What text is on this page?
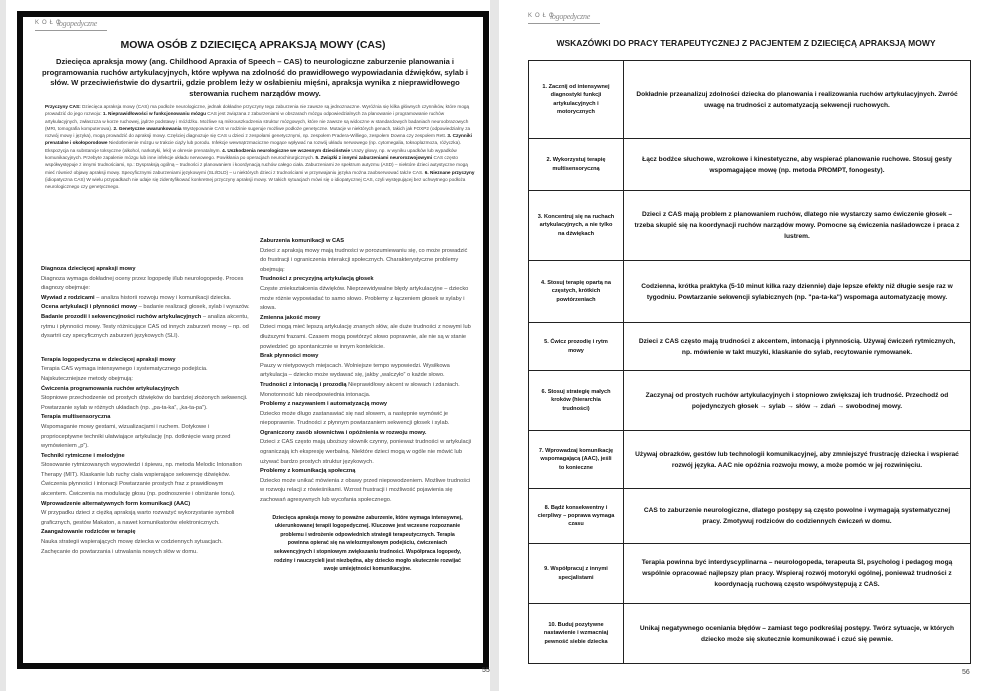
KOŁO
logopedyczne
MOWA OSÓB Z DZIECIĘCĄ APRAKSJĄ MOWY (CAS)
Dziecięca apraksja mowy (ang. Childhood Apraxia of Speech – CAS) to neurologiczne zaburzenie planowania i programowania ruchów artykulacyjnych, które wpływa na zdolność do prawidłowego wypowiadania dźwięków, sylab i słów. W przeciwieństwie do dysartrii, gdzie problem leży w osłabieniu mięśni, apraksja wynika z nieprawidłowego sterowania ruchem narządów mowy.
Przyczyny CAS: Dziecięca apraksja mowy (CAS) ma podłoże neurologiczne, jednak dokładne przyczyny tego zaburzenia nie zawsze są jednoznaczne. Wyróżnia się kilka głównych czynników, które mogą prowadzić do jego rozwoju: 1. Nieprawidłowości w funkcjonowaniu mózgu CAS jest związana z zaburzeniami w obszarach mózgu odpowiedzialnych za planowanie i programowanie ruchów artykulacyjnych, zwłaszcza w korze ruchowej, jądrze podstawy i móżdżku. Możliwe są mikrouszkodzenia struktur mózgowych, które nie zawsze są widoczne w standardowych badaniach neuroobrazowych (MRI, tomografia komputerowa). 2. Genetyczne uwarunkowania Występowanie CAS w rodzinie sugeruje możliwe podłoże genetyczne. Mutacje w niektórych genach, takich jak FOXP2 (odpowiedzialny za rozwój mowy i języka), mogą prowadzić do apraksji mowy. Częściej diagnozuje się CAS u dzieci z zespołami genetycznymi, np. zespołem Pradera-Williego, zespołem Downa czy zespołem Rett. 3. Czynniki prenatalne i okołoporodowe Niedotlenienie mózgu w trakcie ciąży lub porodu. Infekcje wewnątrzmaciczne mogące wpływać na rozwój układu nerwowego (np. cytomegalia, toksoplazmoza, różyczka). Ekspozycja na substancje toksyczne (alkohol, narkotyki, leki) w okresie prenatalnym. 4. Uszkodzenia neurologiczne we wczesnym dzieciństwie Urazy głowy, np. w wyniku upadków lub wypadków komunikacyjnych. Przebyte zapalenie mózgu lub inne infekcje układu nerwowego. Powikłania po operacjach neurochirurgicznych. 5. Związki z innymi zaburzeniami neurorozwojowymi CAS często współwystępuje z innymi trudnościami, np.: Dyspraksją ogólną – trudności z planowaniem i koordynacją ruchów całego ciała. Zaburzeniami ze spektrum autyzmu (ASD) – niektóre dzieci autystyczne mogą mieć również objawy apraksji mowy. Specyficznymi zaburzeniami językowymi (SLI/DLD) – u niektórych dzieci z trudnościami w przyswajaniu języka można zaobserwować także CAS. 6. Nieznane przyczyny (idiopatyczna CAS) W wielu przypadkach nie udaje się zidentyfikować konkretnej przyczyny apraksji mowy. W takich sytuacjach mówi się o idiopatycznej CAS, czyli występującej bez uchwytnego podłoża neurologicznego czy genetycznego.
Diagnoza dziecięcej apraksji mowy
Diagnoza wymaga dokładnej oceny przez logopedę i/lub neurologopedę. Proces diagnozy obejmuje:
Wywiad z rodzicami – analiza historii rozwoju mowy i komunikacji dziecka.
Ocena artykulacji i płynności mowy – badanie realizacji głosek, sylab i wyrazów.
Badanie prozodii i sekwencyjności ruchów artykulacyjnych – analiza akcentu, rytmu i płynności mowy. Testy różnicujące CAS od innych zaburzeń mowy – np. od dysartrii czy specyficznych zaburzeń językowych (SLI).
Terapia logopedyczna w dziecięcej apraksji mowy
Terapia CAS wymaga intensywnego i systematycznego podejścia.
Najskuteczniejsze metody obejmują:
Ćwiczenia programowania ruchów artykulacyjnych
Stopniowe przechodzenie od prostych dźwięków do bardziej złożonych sekwencji. Powtarzanie sylab w różnych układach (np. „pa-ta-ka”, „ka-ta-pa”).
Terapia multisensoryczna
Wspomaganie mowy gestami, wizualizacjami i ruchem. Dotykowe i proprioceptywne techniki ułatwiające artykulację (np. dotknięcie warg przed wymówieniem „p”).
Techniki rytmiczne i melodyjne
Stosowanie rytmizowanych wypowiedzi i śpiewu, np. metoda Melodic Intonation Therapy (MIT). Klaskanie lub ruchy ciała wspierające sekwencję dźwięków. Ćwiczenia płynności i intonacji Powtarzanie prostych fraz z prawidłowym akcentem. Ćwiczenia na modulację głosu (np. podnoszenie i obniżanie tonu).
Wprowadzenie alternatywnych form komunikacji (AAC)
W przypadku dzieci z ciężką apraksją warto rozważyć wykorzystanie symboli graficznych, gestów Makaton, a nawet komunikatorów elektronicznych.
Zaangażowanie rodziców w terapię
Nauka strategii wspierających mowę dziecka w codziennych sytuacjach. Zachęcanie do powtarzania i utrwalania nowych słów w domu.
Zaburzenia komunikacji w CAS
Dzieci z apraksją mowy mają trudności w porozumiewaniu się, co może prowadzić do frustracji i ograniczenia interakcji społecznych. Charakterystyczne problemy obejmują:
Trudności z precyzyjną artykulacją głosek
Częste zniekształcenia dźwięków. Nieprzewidywalne błędy artykulacyjne – dziecko może różnie wypowiadać to samo słowo. Problemy z łączeniem głosek w sylaby i słowa.
Zmienna jakość mowy
Dzieci mogą mieć lepszą artykulację znanych słów, ale duże trudności z nowymi lub dłuższymi frazami. Czasem mogą powtórzyć słowo poprawnie, ale nie są w stanie powiedzieć go spontanicznie w innym kontekście.
Brak płynności mowy
Pauzy w nietypowych miejscach. Wolniejsze tempo wypowiedzi. Wysiłkowa artykulacja – dziecko może wydawać się, jakby „walczyło” o każde słowo.
Trudności z intonacją i prozodią Nieprawidłowy akcent w słowach i zdaniach. Monotonność lub nieodpowiednia intonacja.
Problemy z nazywaniem i automatyzacją mowy
Dziecko może długo zastanawiać się nad słowem, a następnie wymówić je niepoprawnie. Trudności z płynnym powtarzaniem sekwencji głosek i sylab.
Ograniczony zasób słownictwa i opóźnienia w rozwoju mowy.
Dzieci z CAS często mają uboższy słownik czynny, ponieważ trudności w artykulacji ograniczają ich ekspresję werbalną. Niektóre dzieci mogą w ogóle nie mówić lub używać bardzo prostych struktur językowych.
Problemy z komunikacją społeczną
Dziecko może unikać mówienia z obawy przed niepowodzeniem. Możliwe trudności w rozwoju relacji z rówieśnikami. Wzrost frustracji i możliwość pojawienia się zachowań agresywnych lub wycofania społecznego.
Dziecięca apraksja mowy to poważne zaburzenie, które wymaga intensywnej, ukierunkowanej terapii logopedycznej. Kluczowe jest wczesne rozpoznanie problemu i wdrożenie odpowiednich strategii terapeutycznych. Terapia powinna opierać się na wielozmysłowym podejściu, ćwiczeniach sekwencyjnych i stopniowym zwiększaniu trudności. Współpraca logopedy, rodziny i nauczycieli jest niezbędna, aby dziecko mogło skutecznie rozwijać swoje umiejętności komunikacyjne.
55
KOŁO
logopedyczne
WSKAZÓWKI DO PRACY TERAPEUTYCZNEJ Z PACJENTEM Z DZIECIĘCĄ APRAKSJĄ MOWY
1. Zacznij od intensywnej diagnostyki funkcji artykulacyjnych i motorycznych	Dokładnie przeanalizuj zdolności dziecka do planowania i realizowania ruchów artykulacyjnych. Zwróć uwagę na trudności z automatyzacją sekwencji ruchowych.
2. Wykorzystuj terapię multisensoryczną	Łącz bodźce słuchowe, wzrokowe i kinestetyczne, aby wspierać planowanie ruchowe. Stosuj gesty wspomagające mowę (np. metoda PROMPT, fonogesty).
3. Koncentruj się na ruchach artykulacyjnych, a nie tylko na dźwiękach	Dzieci z CAS mają problem z planowaniem ruchów, dlatego nie wystarczy samo ćwiczenie głosek – trzeba skupić się na koordynacji ruchów narządów mowy. Pomocne są ćwiczenia naśladowcze i praca z lustrem.
4. Stosuj terapię opartą na częstych, krótkich powtórzeniach	Codzienna, krótka praktyka (5-10 minut kilka razy dziennie) daje lepsze efekty niż długie sesje raz w tygodniu. Powtarzanie sekwencji sylabicznych (np. "pa-ta-ka") wspomaga automatyzację mowy.
5. Ćwicz prozodię i rytm mowy	Dzieci z CAS często mają trudności z akcentem, intonacją i płynnością. Używaj ćwiczeń rytmicznych, np. mówienie w takt muzyki, klaskanie do sylab, recytowanie rymowanek.
6. Stosuj strategię małych kroków (hierarchia trudności)	Zaczynaj od prostych ruchów artykulacyjnych i stopniowo zwiększaj ich trudność. Przechodź od pojedynczych głosek → sylab → słów → zdań → swobodnej mowy.
7. Wprowadzaj komunikację wspomagającą (AAC), jeśli to konieczne	Używaj obrazków, gestów lub technologii komunikacyjnej, aby zmniejszyć frustrację dziecka i wspierać rozwój języka. AAC nie opóźnia rozwoju mowy, a może pomóc w jej rozwinięciu.
8. Bądź konsekwentny i cierpliwy – poprawa wymaga czasu	CAS to zaburzenie neurologiczne, dlatego postępy są często powolne i wymagają systematycznej pracy. Zmotywuj rodziców do codziennych ćwiczeń w domu.
9. Współpracuj z innymi specjalistami	Terapia powinna być interdyscyplinarna – neurologopeda, terapeuta SI, psycholog i pedagog mogą wspólnie opracować najlepszy plan pracy. Wspieraj rozwój motoryki ogólnej, ponieważ trudności z koordynacją ruchową często współwystępują z CAS.
10. Buduj pozytywne nastawienie i wzmacniaj pewność siebie dziecka	Unikaj negatywnego oceniania błędów – zamiast tego podkreślaj postępy. Twórz sytuacje, w których dziecko może się skutecznie komunikować i czuć się pewnie.
56
